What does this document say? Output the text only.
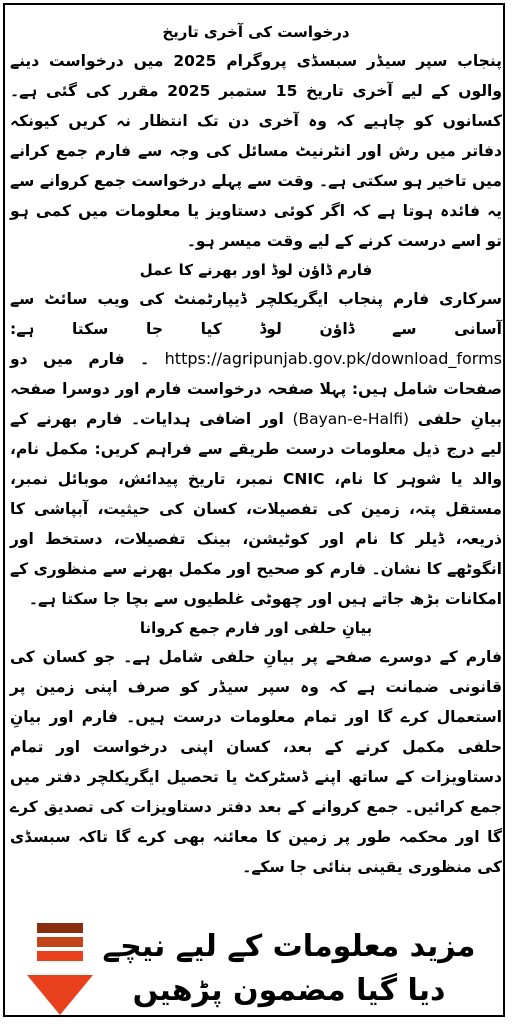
درخواست کی آخری تاریخ

پنجاب سپر سیڈر سبسڈی پروگرام 2025 میں درخواست دینے والوں کے لیے آخری تاریخ 15 ستمبر 2025 مقرر کی گئی ہے۔ کسانوں کو چاہیے کہ وہ آخری دن تک انتظار نہ کریں کیونکہ دفاتر میں رش اور انٹرنیٹ مسائل کی وجہ سے فارم جمع کرانے میں تاخیر ہو سکتی ہے۔ وقت سے پہلے درخواست جمع کروانے سے یہ فائدہ ہوتا ہے کہ اگر کوئی دستاویز یا معلومات میں کمی ہو تو اسے درست کرنے کے لیے وقت میسر ہو۔

فارم ڈاؤن لوڈ اور بھرنے کا عمل

سرکاری فارم پنجاب ایگریکلچر ڈیپارٹمنٹ کی ویب سائٹ سے آسانی سے ڈاؤن لوڈ کیا جا سکتا ہے: https://agripunjab.gov.pk/download_forms ۔ فارم میں دو صفحات شامل ہیں: پہلا صفحہ درخواست فارم اور دوسرا صفحہ بیانِ حلفی (Bayan-e-Halfi) اور اضافی ہدایات۔ فارم بھرنے کے لیے درج ذیل معلومات درست طریقے سے فراہم کریں: مکمل نام، والد یا شوہر کا نام، CNIC نمبر، تاریخ پیدائش، موبائل نمبر، مستقل پتہ، زمین کی تفصیلات، کسان کی حیثیت، آبپاشی کا ذریعہ، ڈیلر کا نام اور کوٹیشن، بینک تفصیلات، دستخط اور انگوٹھے کا نشان۔ فارم کو صحیح اور مکمل بھرنے سے منظوری کے امکانات بڑھ جاتے ہیں اور چھوٹی غلطیوں سے بچا جا سکتا ہے۔

بیانِ حلفی اور فارم جمع کروانا

فارم کے دوسرے صفحے پر بیانِ حلفی شامل ہے۔ جو کسان کی قانونی ضمانت ہے کہ وہ سپر سیڈر کو صرف اپنی زمین پر استعمال کرے گا اور تمام معلومات درست ہیں۔ فارم اور بیانِ حلفی مکمل کرنے کے بعد، کسان اپنی درخواست اور تمام دستاویزات کے ساتھ اپنے ڈسٹرکٹ یا تحصیل ایگریکلچر دفتر میں جمع کرائیں۔ جمع کروانے کے بعد دفتر دستاویزات کی تصدیق کرے گا اور محکمہ طور پر زمین کا معائنہ بھی کرے گا تاکہ سبسڈی کی منظوری یقینی بنائی جا سکے۔

مزید معلومات کے لیے نیچے
دیا گیا مضمون پڑھیں
